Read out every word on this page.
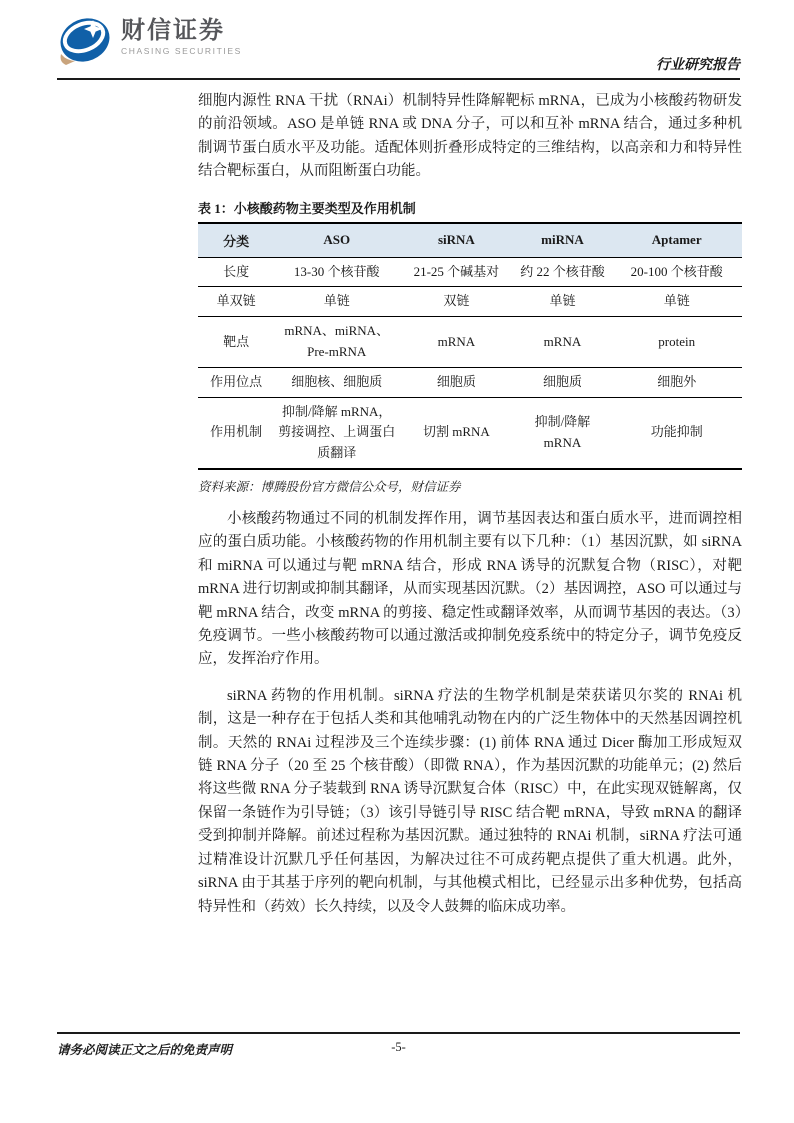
财信证券
CHASING SECURITIES
行业研究报告

细胞内源性 RNA 干扰（RNAi）机制特异性降解靶标 mRNA，已成为小核酸药物研发的前沿领域。ASO 是单链 RNA 或 DNA 分子，可以和互补 mRNA 结合，通过多种机制调节蛋白质水平及功能。适配体则折叠形成特定的三维结构，以高亲和力和特异性结合靶标蛋白，从而阻断蛋白功能。

表 1：小核酸药物主要类型及作用机制

分类	ASO	siRNA	miRNA	Aptamer
长度	13-30 个核苷酸	21-25 个碱基对	约 22 个核苷酸	20-100 个核苷酸
单双链	单链	双链	单链	单链
靶点	mRNA、miRNA、Pre-mRNA	mRNA	mRNA	protein
作用位点	细胞核、细胞质	细胞质	细胞质	细胞外
作用机制	抑制/降解 mRNA，剪接调控、上调蛋白质翻译	切割 mRNA	抑制/降解 mRNA	功能抑制

资料来源：博腾股份官方微信公众号，财信证券

小核酸药物通过不同的机制发挥作用，调节基因表达和蛋白质水平，进而调控相应的蛋白质功能。小核酸药物的作用机制主要有以下几种：（1）基因沉默，如 siRNA 和 miRNA 可以通过与靶 mRNA 结合，形成 RNA 诱导的沉默复合物（RISC），对靶 mRNA 进行切割或抑制其翻译，从而实现基因沉默。（2）基因调控，ASO 可以通过与靶 mRNA 结合，改变 mRNA 的剪接、稳定性或翻译效率，从而调节基因的表达。（3）免疫调节。一些小核酸药物可以通过激活或抑制免疫系统中的特定分子，调节免疫反应，发挥治疗作用。

siRNA 药物的作用机制。siRNA 疗法的生物学机制是荣获诺贝尔奖的 RNAi 机制，这是一种存在于包括人类和其他哺乳动物在内的广泛生物体中的天然基因调控机制。天然的 RNAi 过程涉及三个连续步骤：(1) 前体 RNA 通过 Dicer 酶加工形成短双链 RNA 分子（20 至 25 个核苷酸）（即微 RNA），作为基因沉默的功能单元；(2) 然后将这些微 RNA 分子装载到 RNA 诱导沉默复合体（RISC）中，在此实现双链解离，仅保留一条链作为引导链；（3）该引导链引导 RISC 结合靶 mRNA，导致 mRNA 的翻译受到抑制并降解。前述过程称为基因沉默。通过独特的 RNAi 机制，siRNA 疗法可通过精准设计沉默几乎任何基因，为解决过往不可成药靶点提供了重大机遇。此外，siRNA 由于其基于序列的靶向机制，与其他模式相比，已经显示出多种优势，包括高特异性和（药效）长久持续，以及令人鼓舞的临床成功率。

请务必阅读正文之后的免责声明	-5-
